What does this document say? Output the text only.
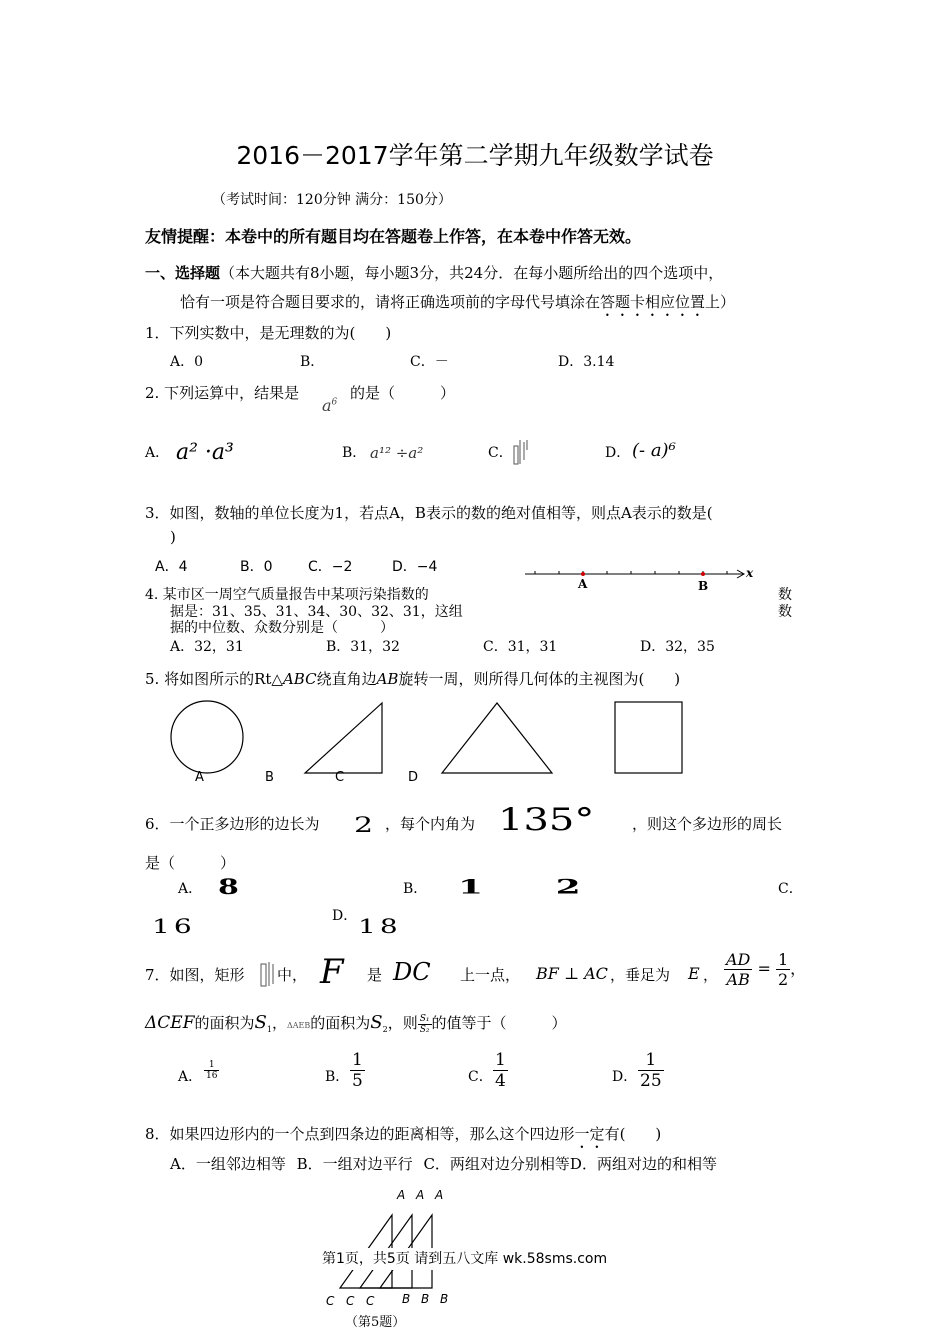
2016－2017学年第二学期九年级数学试卷
（考试时间：120分钟 满分：150分）
友情提醒：本卷中的所有题目均在答题卷上作答，在本卷中作答无效。
一、选择题（本大题共有8小题，每小题3分，共24分．在每小题所给出的四个选项中，
恰有一项是符合题目要求的，请将正确选项前的字母代号填涂在答题卡相应位置上）
1．下列实数中，是无理数的为(　　)
A．0	B．	C．－	D．3.14
2. 下列运算中，结果是
$a^6$
的是（　　　）
A． a² ·a³	B． a¹² ÷a²	C．	D． (- a)⁶
3．如图，数轴的单位长度为1，若点A，B表示的数的绝对值相等，则点A表示的数是(
)
A．4	B．0	C．−2	D．−4
A	B
x
4. 某市区一周空气质量报告中某项污染指数的	数
据是：31、35、31、34、30、32、31，这组	数
据的中位数、众数分别是（　　　）
A．32，31	B．31，32	C．31，31	D．32，35
5. 将如图所示的Rt△ABC绕直角边AB旋转一周，则所得几何体的主视图为(　　)
A	B	C	D
6．一个正多边形的边长为 2 ，每个内角为 135°	，则这个多边形的周长
是（　　　）
A． 8	B． 1 2	C．
16	D． 18
7．如图，矩形 中， F 是 DC 上一点， BF ⊥ AC ，垂足为 E ， $\frac{AD}{AB} = \frac{1}{2}$ ，
ΔCEF的面积为$S_1$，ΔAEB的面积为$S_2$，则 $\frac{\text{S₁}}{\text{S₂}}$ 的值等于（　　　）
A． $\frac{1}{16}$	B． $\frac{1}{5}$	C． $\frac{1}{4}$	D． $\frac{1}{25}$
8．如果四边形内的一个点到四条边的距离相等，那么这个四边形一定有(　　)
A．一组邻边相等 B．一组对边平行 C．两组对边分别相等D．两组对边的和相等
A A A
第1页，共5页 请到五八文库 wk.58sms.com
C C C B B B
（第5题）
